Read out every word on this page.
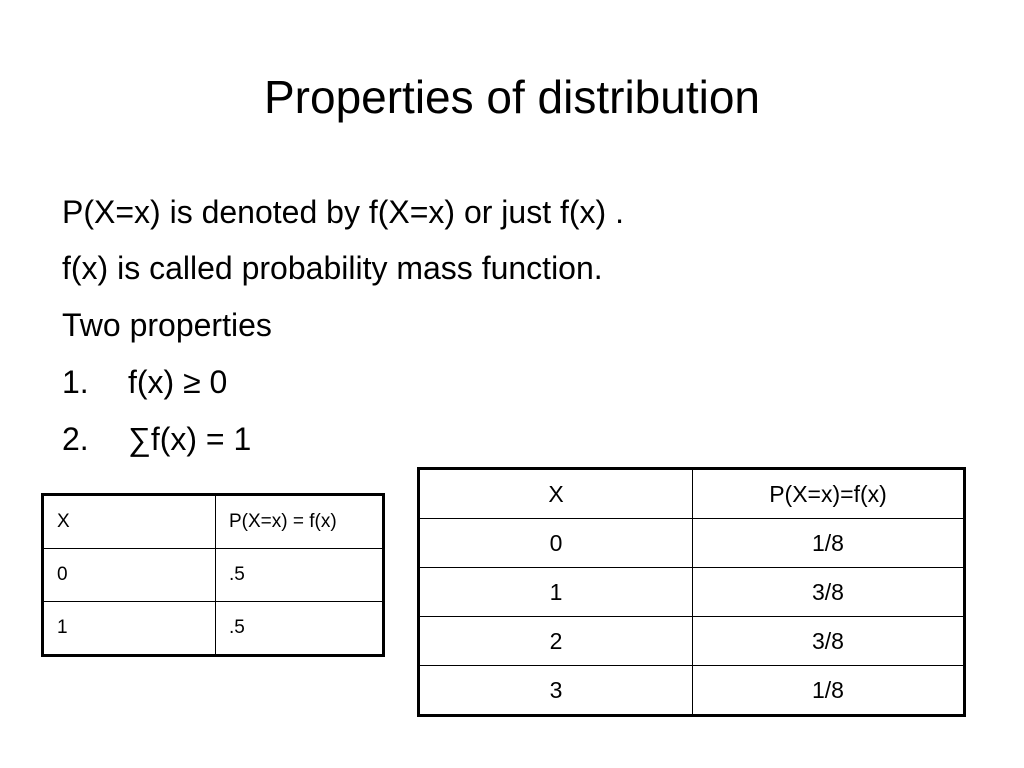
Properties of distribution
P(X=x) is denoted by f(X=x) or just f(x) .
f(x) is called probability mass function.
Two properties
1. f(x) ≥ 0
2. ∑f(x) = 1
X	P(X=x) = f(x)
0	.5
1	.5
X	P(X=x)=f(x)
0	1/8
1	3/8
2	3/8
3	1/8
